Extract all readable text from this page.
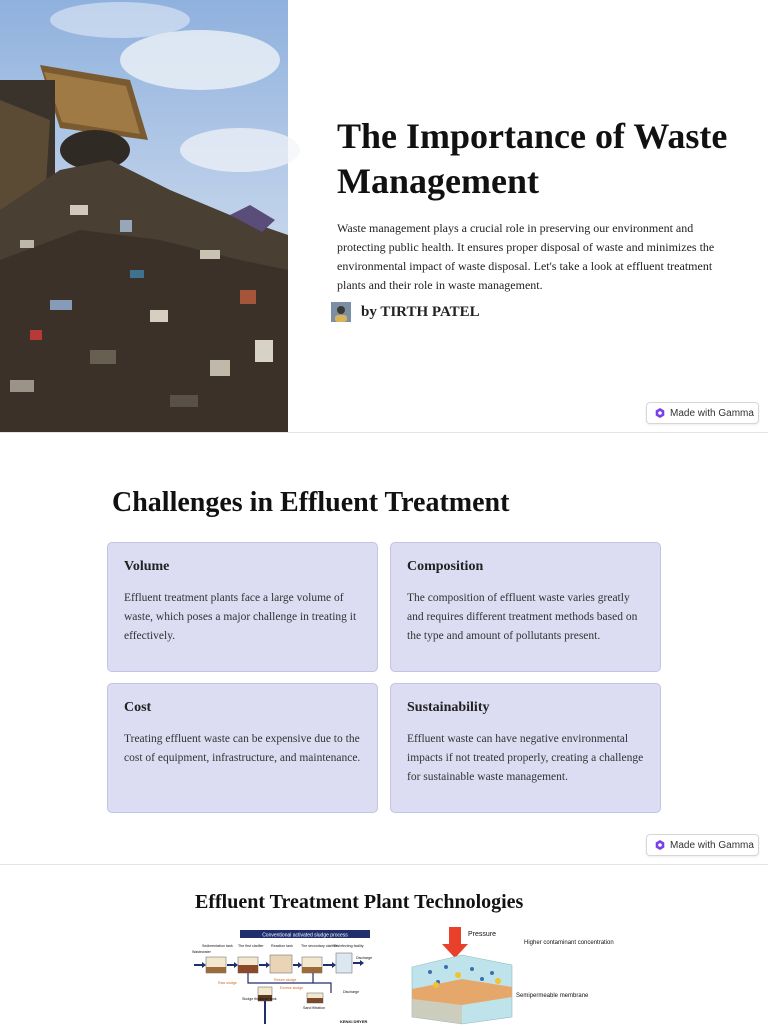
The Importance of Waste Management

Waste management plays a crucial role in preserving our environment and protecting public health. It ensures proper disposal of waste and minimizes the environmental impact of waste disposal. Let's take a look at effluent treatment plants and their role in waste management.

by TIRTH PATEL
Made with Gamma
Challenges in Effluent Treatment
Volume

Effluent treatment plants face a large volume of waste, which poses a major challenge in treating it effectively.

Composition

The composition of effluent waste varies greatly and requires different treatment methods based on the type and amount of pollutants present.

Cost

Treating effluent waste can be expensive due to the cost of equipment, infrastructure, and maintenance.

Sustainability

Effluent waste can have negative environmental impacts if not treated properly, creating a challenge for sustainable waste management.

Made with Gamma
Effluent Treatment Plant Technologies
Conventional activated sludge process
Wastewater
Sedimentation tank The first clarifier Reaction tank The secondary clarifier
Disinfecting facility
Discharge
Raw sludge
Return sludge
Excess sludge
Sludge thickener tank
Sand filtration
Discharge
KENKI DRYER
Pressure
Higher contaminant concentration
Semipermeable membrane
